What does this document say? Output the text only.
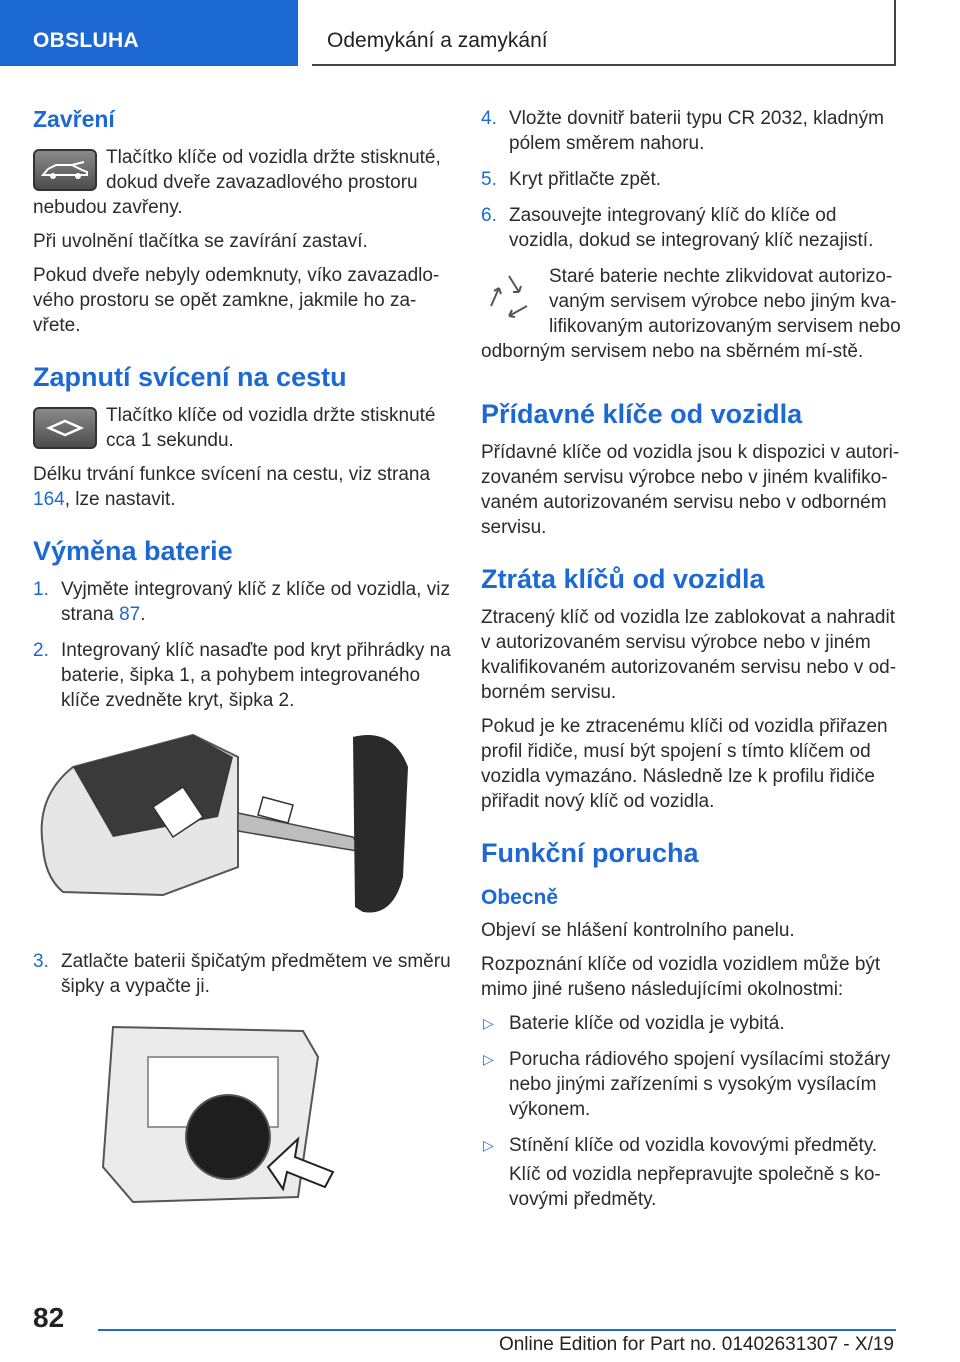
OBSLUHA	Odemykání a zamykání
Zavření

Tlačítko klíče od vozidla držte stisknuté, dokud dveře zavazadlového prostoru nebudou zavřeny.

Při uvolnění tlačítka se zavírání zastaví.

Pokud dveře nebyly odemknuty, víko zavazadlo-vého prostoru se opět zamkne, jakmile ho za-vřete.

Zapnutí svícení na cestu

Tlačítko klíče od vozidla držte stisknuté cca 1 sekundu.

Délku trvání funkce svícení na cestu, viz strana 164, lze nastavit.

Výměna baterie
1. Vyjměte integrovaný klíč z klíče od vozidla, viz strana 87.
2. Integrovaný klíč nasaďte pod kryt přihrádky na baterie, šipka 1, a pohybem integrovaného klíče zvedněte kryt, šipka 2.
3. Zatlačte baterii špičatým předmětem ve směru šipky a vypačte ji.
4. Vložte dovnitř baterii typu CR 2032, kladným pólem směrem nahoru.
5. Kryt přitlačte zpět.
6. Zasouvejte integrovaný klíč do klíče od vozidla, dokud se integrovaný klíč nezajistí.

Staré baterie nechte zlikvidovat autorizo-vaným servisem výrobce nebo jiným kva-lifikovaným autorizovaným servisem nebo odborným servisem nebo na sběrném mí-stě.

Přídavné klíče od vozidla

Přídavné klíče od vozidla jsou k dispozici v autori-zovaném servisu výrobce nebo v jiném kvalifiko-vaném autorizovaném servisu nebo v odborném servisu.

Ztráta klíčů od vozidla

Ztracený klíč od vozidla lze zablokovat a nahradit v autorizovaném servisu výrobce nebo v jiném kvalifikovaném autorizovaném servisu nebo v od-borném servisu.

Pokud je ke ztracenému klíči od vozidla přiřazen profil řidiče, musí být spojení s tímto klíčem od vozidla vymazáno. Následně lze k profilu řidiče přiřadit nový klíč od vozidla.

Funkční porucha
Obecně

Objeví se hlášení kontrolního panelu.

Rozpoznání klíče od vozidla vozidlem může být mimo jiné rušeno následujícími okolnostmi:

▷ Baterie klíče od vozidla je vybitá.
▷ Porucha rádiového spojení vysílacími stožáry nebo jinými zařízeními s vysokým vysílacím výkonem.
▷ Stínění klíče od vozidla kovovými předměty.

Klíč od vozidla nepřepravujte společně s ko-vovými předměty.

82
Online Edition for Part no. 01402631307 - X/19
